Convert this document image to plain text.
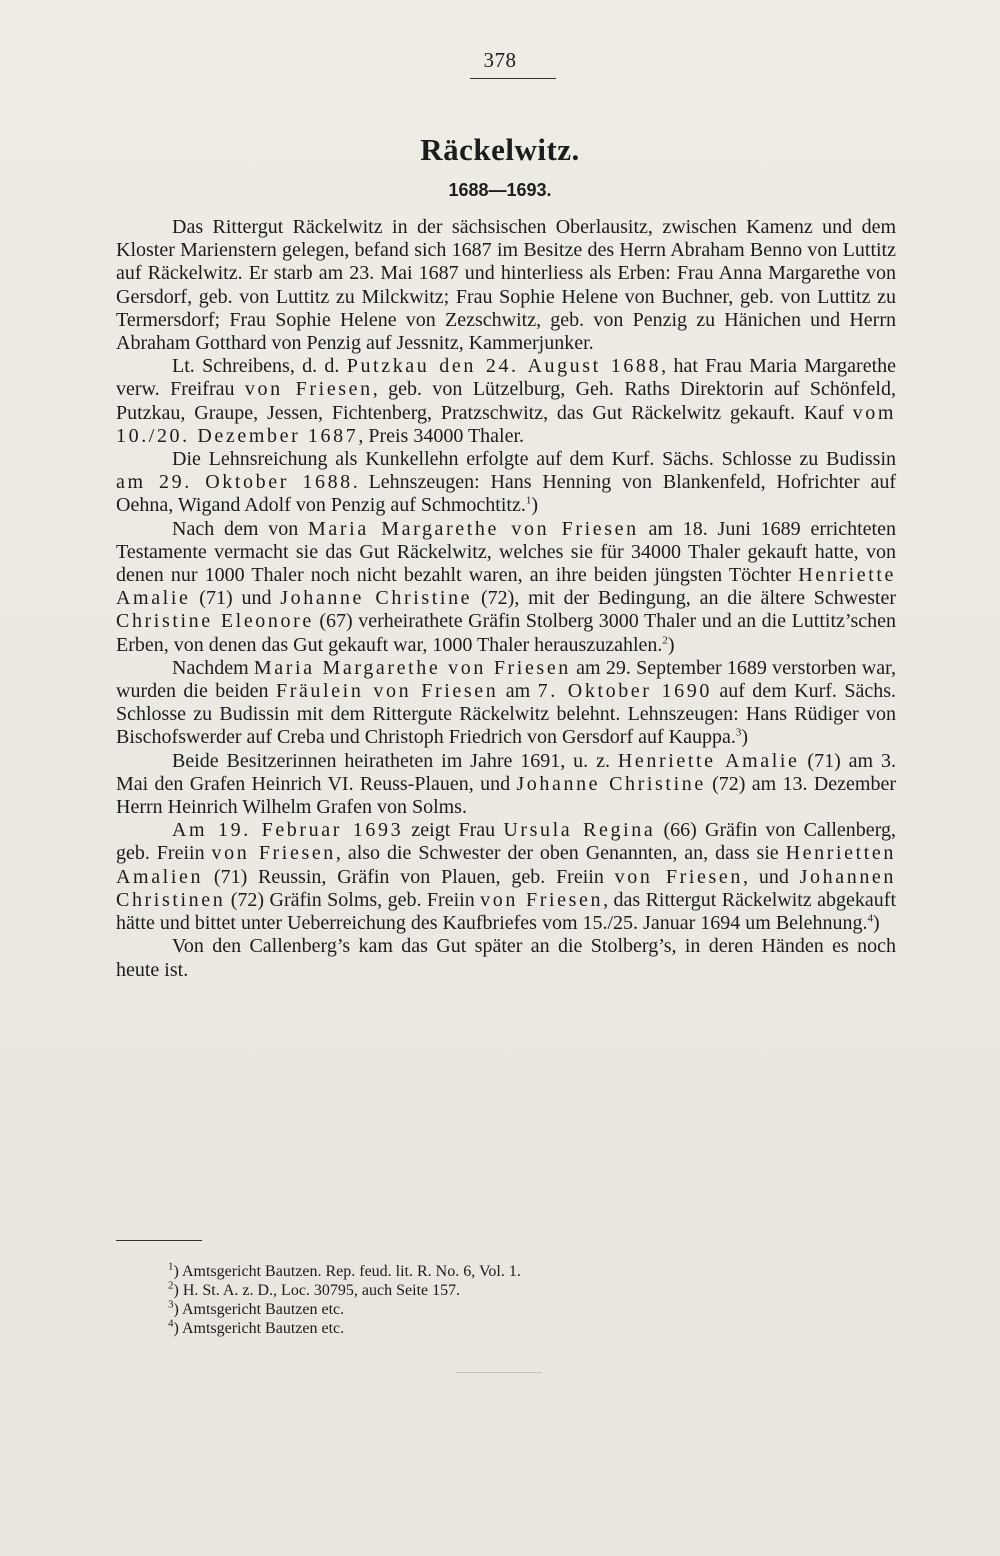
378
Räckelwitz.
1688—1693.

Das Rittergut Räckelwitz in der sächsischen Oberlausitz, zwischen Kamenz und dem Kloster Marienstern gelegen, befand sich 1687 im Besitze des Herrn Abraham Benno von Luttitz auf Räckelwitz. Er starb am 23. Mai 1687 und hinterliess als Erben: Frau Anna Margarethe von Gersdorf, geb. von Luttitz zu Milckwitz; Frau Sophie Helene von Buchner, geb. von Luttitz zu Termersdorf; Frau Sophie Helene von Zezschwitz, geb. von Penzig zu Hänichen und Herrn Abraham Gotthard von Penzig auf Jessnitz, Kammerjunker.

Lt. Schreibens, d. d. Putzkau den 24. August 1688, hat Frau Maria Margarethe verw. Freifrau von Friesen, geb. von Lützelburg, Geh. Raths Direktorin auf Schönfeld, Putzkau, Graupe, Jessen, Fichtenberg, Pratzschwitz, das Gut Räckelwitz gekauft. Kauf vom 10./20. Dezember 1687, Preis 34000 Thaler.

Die Lehnsreichung als Kunkellehn erfolgte auf dem Kurf. Sächs. Schlosse zu Budissin am 29. Oktober 1688. Lehnszeugen: Hans Henning von Blankenfeld, Hofrichter auf Oehna, Wigand Adolf von Penzig auf Schmochtitz.$^1$)

Nach dem von Maria Margarethe von Friesen am 18. Juni 1689 errichteten Testamente vermacht sie das Gut Räckelwitz, welches sie für 34000 Thaler gekauft hatte, von denen nur 1000 Thaler noch nicht bezahlt waren, an ihre beiden jüngsten Töchter Henriette Amalie (71) und Johanne Christine (72), mit der Bedingung, an die ältere Schwester Christine Eleonore (67) verheirathete Gräfin Stolberg 3000 Thaler und an die Luttitz’schen Erben, von denen das Gut gekauft war, 1000 Thaler herauszuzahlen.$^2$)

Nachdem Maria Margarethe von Friesen am 29. September 1689 verstorben war, wurden die beiden Fräulein von Friesen am 7. Oktober 1690 auf dem Kurf. Sächs. Schlosse zu Budissin mit dem Rittergute Räckelwitz belehnt. Lehnszeugen: Hans Rüdiger von Bischofswerder auf Creba und Christoph Friedrich von Gersdorf auf Kauppa.$^3$)

Beide Besitzerinnen heiratheten im Jahre 1691, u. z. Henriette Amalie (71) am 3. Mai den Grafen Heinrich VI. Reuss-Plauen, und Johanne Christine (72) am 13. Dezember Herrn Heinrich Wilhelm Grafen von Solms.

Am 19. Februar 1693 zeigt Frau Ursula Regina (66) Gräfin von Callenberg, geb. Freiin von Friesen, also die Schwester der oben Genannten, an, dass sie Henrietten Amalien (71) Reussin, Gräfin von Plauen, geb. Freiin von Friesen, und Johannen Christinen (72) Gräfin Solms, geb. Freiin von Friesen, das Rittergut Räckelwitz abgekauft hätte und bittet unter Ueberreichung des Kaufbriefes vom 15./25. Januar 1694 um Belehnung.$^4$)

Von den Callenberg’s kam das Gut später an die Stolberg’s, in deren Händen es noch heute ist.

$^1$) Amtsgericht Bautzen. Rep. feud. lit. R. No. 6, Vol. 1.
$^2$) H. St. A. z. D., Loc. 30795, auch Seite 157.
$^3$) Amtsgericht Bautzen etc.
$^4$) Amtsgericht Bautzen etc.
